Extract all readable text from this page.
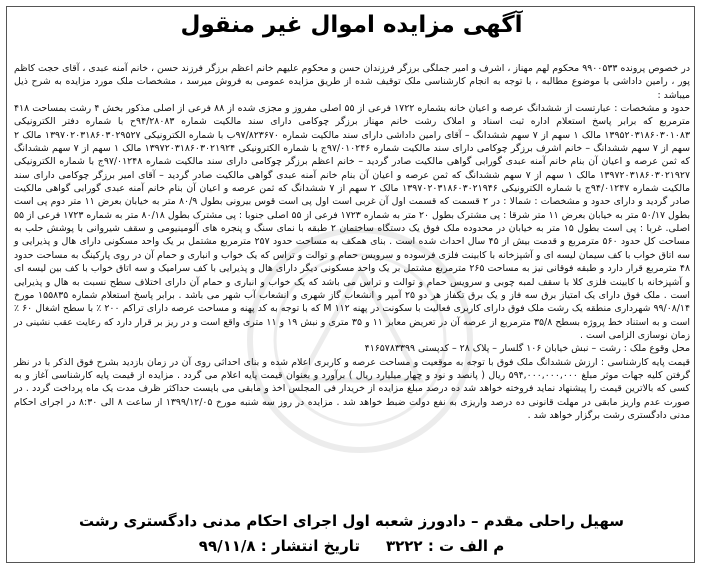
آگهی مزایده اموال غیر منقول

در خصوص پرونده ۹۹۰۰۵۳۳ محکوم لهم مهناز ، اشرف و امیر جملگی برزگر فرزندان حسن و محکوم علیهم خانم اعظم برزگر فرزند حسن ، خانم آمنه عبدی ، آقای حجت کاظم پور ، رامین داداشی با موضوع مطالبه ، با توجه به انجام کارشناسی ملک توقیف شده از طریق مزایده عمومی به فروش میرسد ، مشخصات ملک مورد مزایده به شرح ذیل میباشد :

حدود و مشخصات : عبارتست از ششدانگ عرصه و اعیان خانه بشماره ۱۷۲۲ فرعی از ۵۵ اصلی مفروز و مجزی شده از ۸۸ فرعی از اصلی مذکور بخش ۴ رشت بمساحت ۴۱۸ مترمربع که برابر پاسخ استعلام اداره ثبت اسناد و املاک رشت خانم مهناز برزگر چوکامی دارای سند مالکیت شماره ۹۴/۲۸۰۸۳ح با شماره دفتر الکترونیکی ۱۳۹۵۲۰۳۱۸۶۰۳۰۱۰۸۳ مالک ۱ سهم از ۷ سهم ششدانگ – آقای رامین داداشی دارای سند مالکیت شماره ۹۷/۸۲۳۶۷۰ب با شماره الکترونیکی ۱۳۹۷۰۲۰۳۱۸۶۰۳۰۲۹۵۲۷ مالک ۲ سهم از ۷ سهم ششدانگ – خانم اشرف برزگر چوکامی دارای سند مالکیت شماره ۹۷/۰۱۰۲۴۶ج با شماره الکترونیکی ۱۳۹۷۲۰۳۱۸۶۰۳۰۲۱۹۲۴ مالک ۱ سهم از ۷ سهم ششدانگ که ثمن عرصه و اعیان آن بنام خانم آمنه عبدی گورابی گواهی مالکیت صادر گردید – خانم اعظم برزگر چوکامی دارای سند مالکیت شماره ۹۷/۰۱۲۴۸ج با شماره الکترونیکی ۱۳۹۷۲۰۳۱۸۶۰۳۰۲۱۹۲۷ مالک ۱ سهم از ۷ سهم ششدانگ که ثمن عرصه و اعیان آن بنام خانم آمنه عبدی گواهی مالکیت صادر گردید – آقای امیر برزگر چوکامی دارای سند مالکیت شماره ۹۴/۰۱۲۴۷ج با شماره الکترونیکی ۱۳۹۷۰۲۰۳۱۸۶۰۳۰۲۱۹۴۶ مالک ۲ سهم از ۷ ششدانگ که ثمن عرصه و اعیان آن بنام خانم آمنه عبدی گورابی گواهی مالکیت صادر گردید و دارای حدود و مشخصات : شمالا : در ۲ قسمت که قسمت اول آن غربی است اول پی است قوس بیرونی بطول ۸۰/۹ متر به خیابان بعرض ۱۱ متر دوم پی است بطول ۵۰/۱۷ متر به خیابان بعرض ۱۱ متر شرقا : پی مشترک بطول ۲۰ متر به شماره ۱۷۲۳ فرعی از ۵۵ اصلی جنوبا : پی مشترک بطول ۸۰/۱۸ متر به شماره ۱۷۲۳ فرعی از ۵۵ اصلی. غربا : پی است بطول ۱۵ متر به خیابان در محدوده ملک فوق یک دستگاه ساختمان ۲ طبقه با نمای سنگ و پنجره های آلومینیومی و سقف شیروانی با پوشش حلب به مساحت کل حدود ۵۶۰ مترمربع و قدمت بیش از ۴۵ سال احداث شده است . بنای همکف به مساحت حدود ۲۵۷ مترمربع مشتمل بر یک واحد مسکونی دارای هال و پذیرایی و سه اتاق خواب با کف سیمان لیسه ای و آشپزخانه با کابینت فلزی فرسوده و سرویس حمام و توالت و تراس که یک خواب و انباری و حمام آن در روی پارکینگ به مساحت حدود ۴۸ مترمربع قرار دارد و طبقه فوقانی نیز به مساحت ۲۶۵ مترمربع مشتمل بر یک واحد مسکونی دیگر دارای هال و پذیرایی با کف سرامیک و سه اتاق خواب با کف بین لیسه ای و آشپزخانه با کابینت فلزی کلا با سقف لمبه چوبی و سرویس حمام و توالت و تراس می باشد که یک خواب و انباری و حمام آن دارای اختلاف سطح نسبت به هال و پذیرایی است . ملک فوق دارای یک امتیاز برق سه فاز و یک برق تکفاز هر دو ۲۵ آمپر و انشعاب گاز شهری و انشعاب آب شهر می باشد . برابر پاسخ استعلام شماره ۱۵۵۸۳۵ مورخ ۹۹/۰۸/۱۴ شهرداری منطقه یک رشت ملک فوق دارای کاربری فعالیت با سکونت در پهنه M ۱۱۲ که با توجه به کد پهنه و مساحت عرصه دارای تراکم ۲۰۰ ٪ با سطح اشغال ۶۰ ٪ است و به استناد خط پروژه بسطح ۳۵/۸ مترمربع از عرصه آن در تعریض معابر ۱۱ و ۳۵ متری و نبش ۱۹ و ۱۱ متری واقع است و در ریز بر قرار دارد که رعایت عقب نشینی در زمان نوسازی الزامی است .

محل وقوع ملک : رشت – نبش خیابان ۱۰۶ گلسار – پلاک ۲۸ – کدپستی ۴۱۶۵۷۸۳۳۹۹

قیمت پایه کارشناسی : ارزش ششدانگ ملک فوق با توجه به موقعیت و مساحت عرصه و کاربری اعلام شده و بنای احداثی روی آن در زمان بازدید بشرح فوق الذکر با در نظر گرفتن کلیه جهات موثر مبلغ ۵۹۴,۰۰۰,۰۰۰,۰۰۰ ریال ( پانصد و نود و چهار میلیارد ریال ) برآورد و بعنوان قیمت پایه اعلام می گردد . مزایده از قیمت پایه کارشناسی آغاز و به کسی که بالاترین قیمت را پیشنهاد نماید فروخته خواهد شد ده درصد مبلغ مزایده از خریدار فی المجلس اخذ و مابقی می بایست حداکثر ظرف مدت یک ماه پرداخت گردد . در صورت عدم واریز مابقی در مهلت قانونی ده درصد واریزی به نفع دولت ضبط خواهد شد . مزایده در روز سه شنبه مورخ ۱۳۹۹/۱۲/۰۵ از ساعت ۸ الی ۸:۳۰ در اجرای احکام مدنی دادگستری رشت برگزار خواهد شد .

سهیل راحلی مقدم – دادورز شعبه اول اجرای احکام مدنی دادگستری رشت
م الف ت : ۳۲۲۲تاریخ انتشار : ۹۹/۱۱/۸
